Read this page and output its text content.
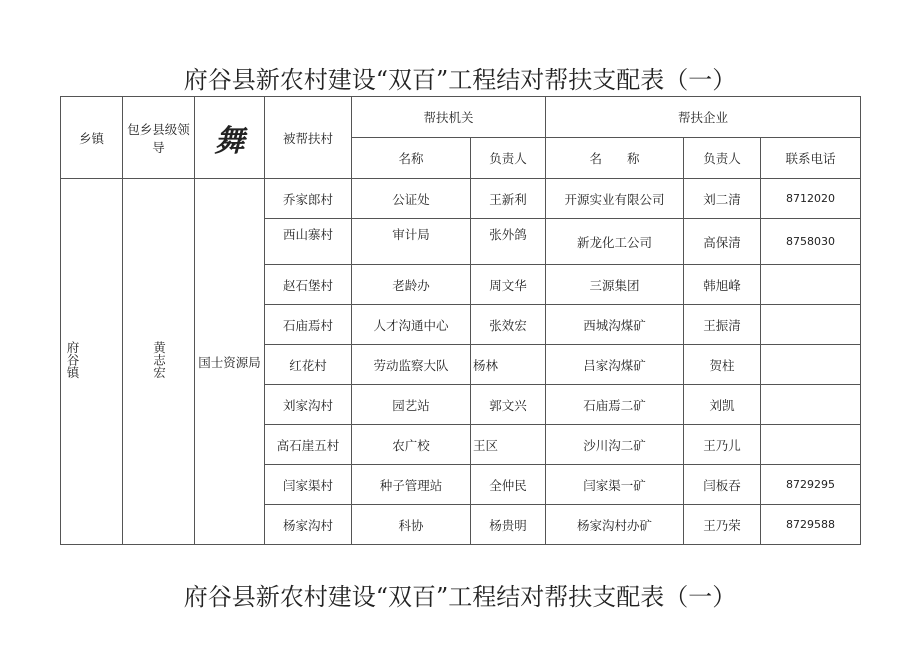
府谷县新农村建设“双百”工程结对帮扶支配表（一）
乡镇	包乡县级领导	舞	被帮扶村	帮扶机关		帮扶企业		
				名称	负责人	名　　称	负责人	联系电话
府谷镇	黄志宏	国士资源局	乔家郎村	公证处	王新利	开源实业有限公司	刘二清	8712020
			西山寨村	审计局	张外鸽	新龙化工公司	高保清	8758030
			赵石堡村	老龄办	周文华	三源集团	韩旭峰	
			石庙焉村	人才沟通中心	张效宏	西城沟煤矿	王振清	
			红花村	劳动监察大队	杨林	吕家沟煤矿	贺柱	
			刘家沟村	园艺站	郭文兴	石庙焉二矿	刘凯	
			高石崖五村	农广校	王区	沙川沟二矿	王乃儿	
			闫家渠村	种子管理站	全仲民	闫家渠一矿	闫板吞	8729295
			杨家沟村	科协	杨贵明	杨家沟村办矿	王乃荣	8729588
府谷县新农村建设“双百”工程结对帮扶支配表（一）
